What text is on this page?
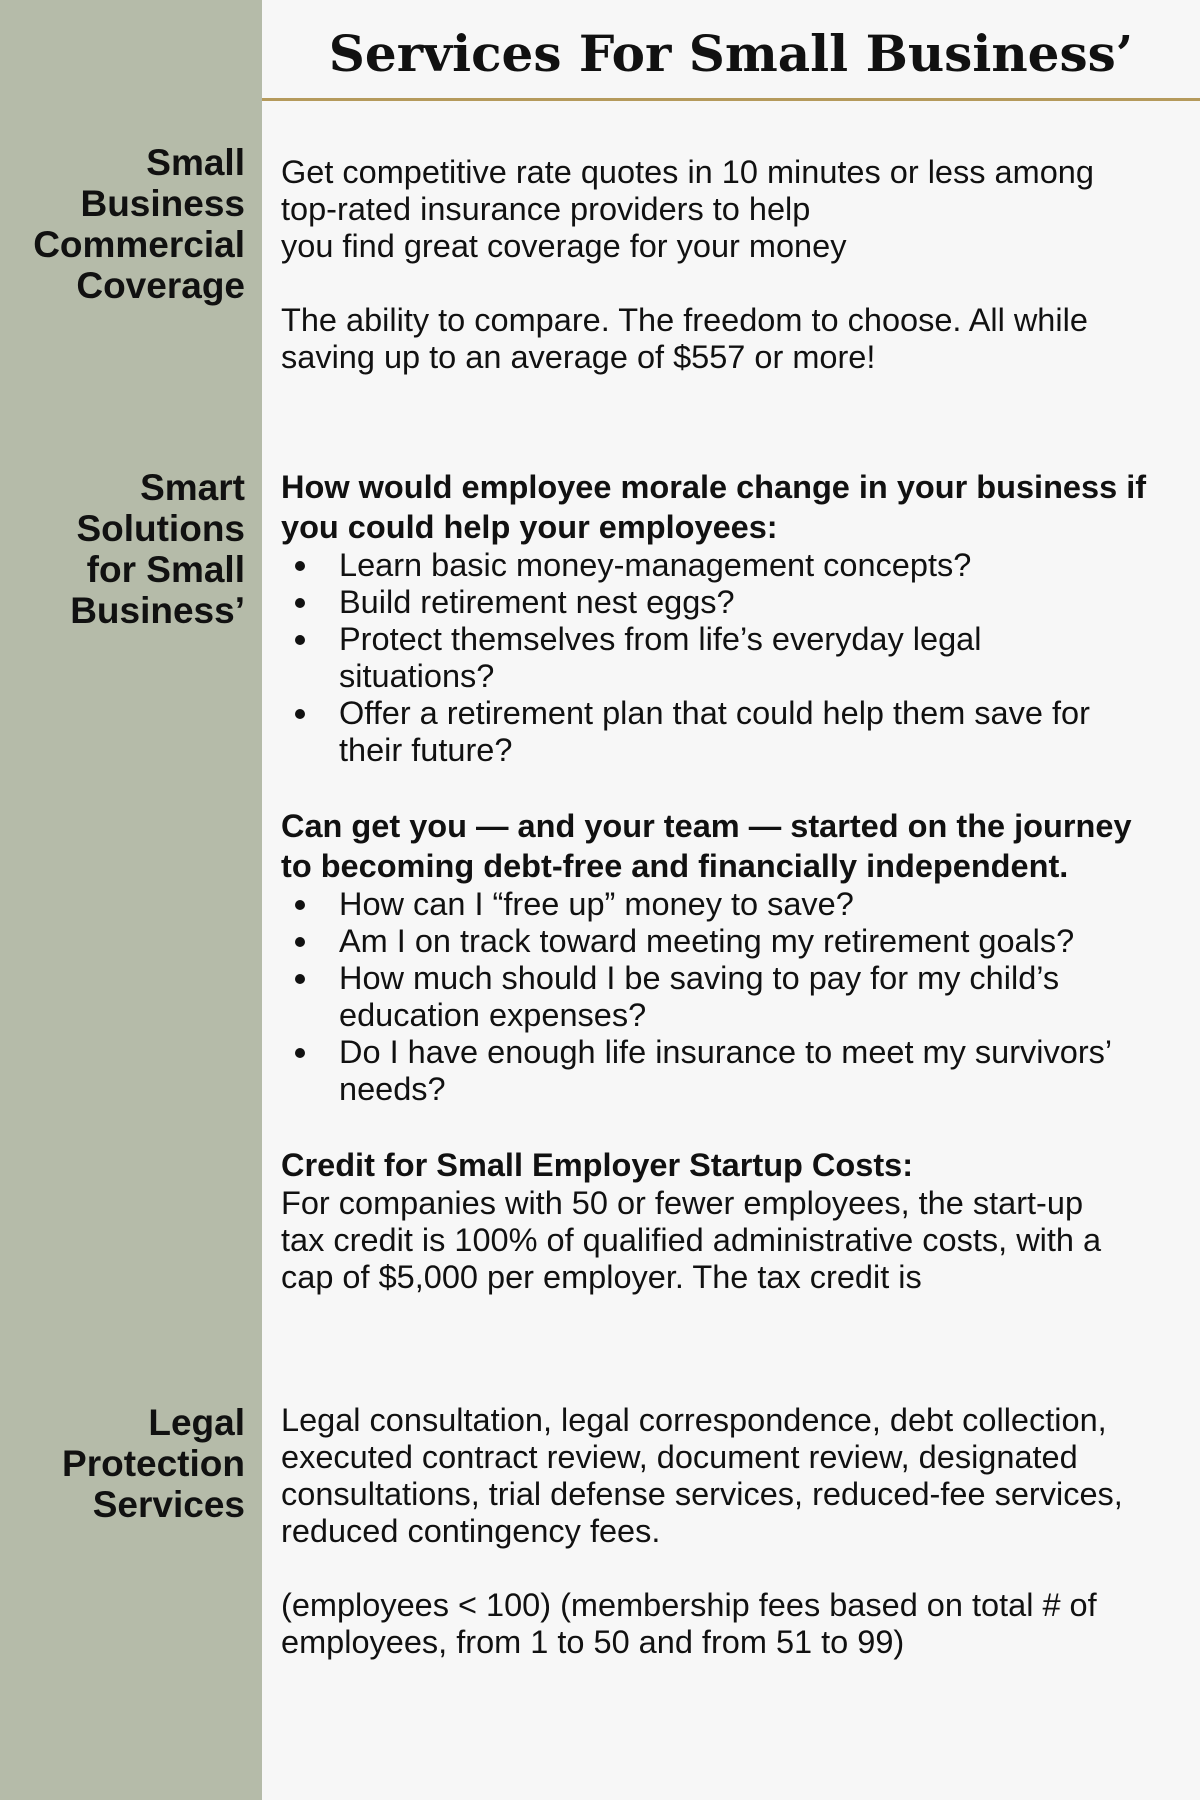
Services For Small Business’
Small
Business
Commercial
Coverage

Get competitive rate quotes in 10 minutes or less among
top-rated insurance providers to help
you find great coverage for your money

The ability to compare. The freedom to choose. All while
saving up to an average of $557 or more!

Smart
Solutions
for Small
Business’

How would employee morale change in your business if
you could help your employees:

Learn basic money-management concepts?
Build retirement nest eggs?
Protect themselves from life’s everyday legal
situations?
Offer a retirement plan that could help them save for
their future?

Can get you — and your team — started on the journey
to becoming debt-free and financially independent.

How can I “free up” money to save?
Am I on track toward meeting my retirement goals?
How much should I be saving to pay for my child’s
education expenses?
Do I have enough life insurance to meet my survivors’
needs?

Credit for Small Employer Startup Costs:

For companies with 50 or fewer employees, the start-up
tax credit is 100% of qualified administrative costs, with a
cap of $5,000 per employer. The tax credit is

Legal
Protection
Services

Legal consultation, legal correspondence, debt collection,
executed contract review, document review, designated
consultations, trial defense services, reduced-fee services,
reduced contingency fees.

(employees < 100) (membership fees based on total # of
employees, from 1 to 50 and from 51 to 99)
